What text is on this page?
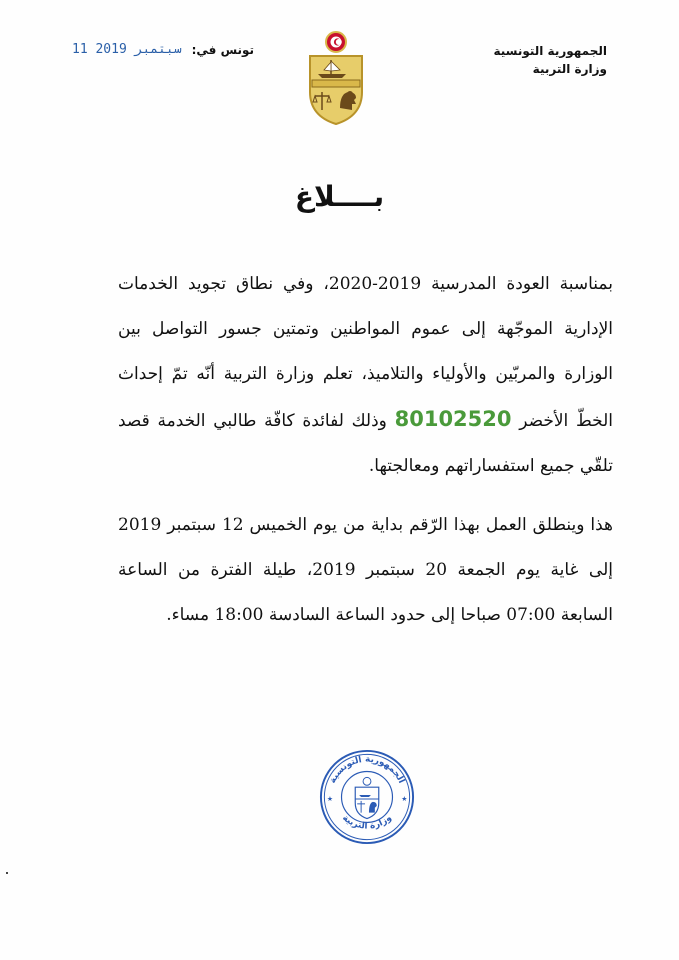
الجمهورية التونسية
وزارة التربية
تونس في:
11 سبتمبر 2019
بــــلاغ

بمناسبة العودة المدرسية 2019-2020، وفي نطاق تجويد الخدمات الإدارية الموجّهة إلى عموم المواطنين وتمتين جسور التواصل بين الوزارة والمربّين والأولياء والتلاميذ، تعلم وزارة التربية أنّه تمّ إحداث الخطّ الأخضر 80102520 وذلك لفائدة كافّة طالبي الخدمة قصد تلقّي جميع استفساراتهم ومعالجتها.

هذا وينطلق العمل بهذا الرّقم بداية من يوم الخميس 12 سبتمبر 2019 إلى غاية يوم الجمعة 20 سبتمبر 2019، طيلة الفترة من الساعة السابعة 07:00 صباحا إلى حدود الساعة السادسة 18:00 مساء.

الجمهورية التونسية
وزارة التربية
★	★
